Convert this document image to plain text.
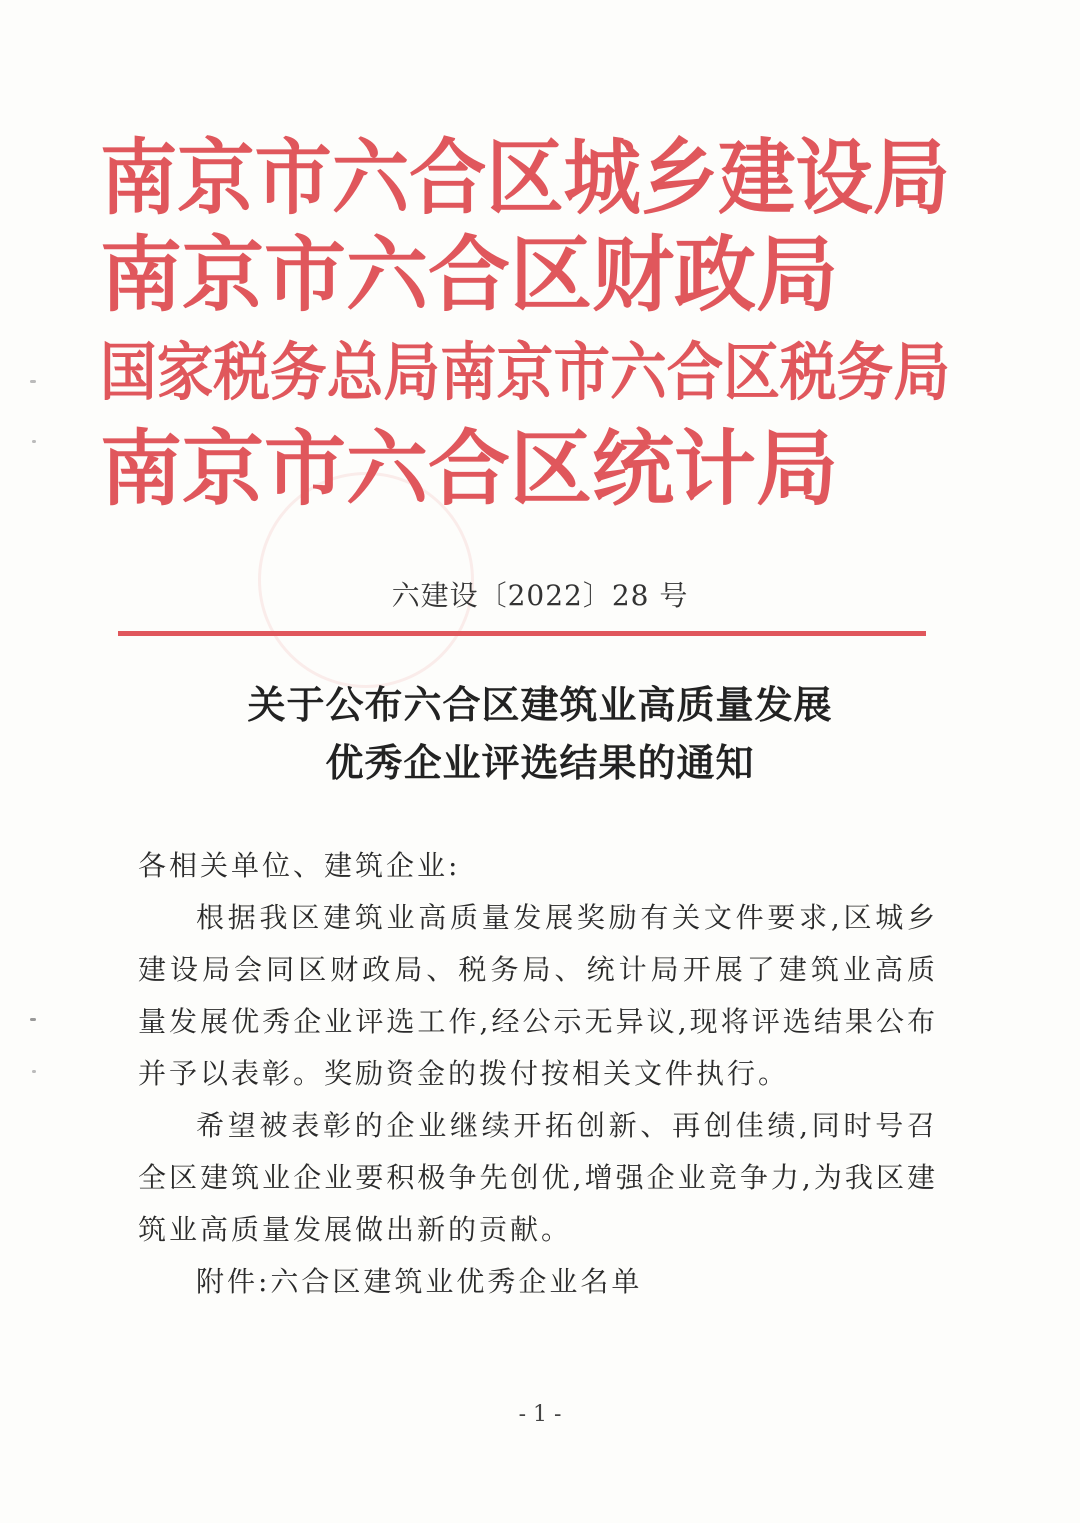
南京市六合区城乡建设局
南京市六合区财政局
国家税务总局南京市六合区税务局
南京市六合区统计局
六建设〔2022〕28 号
关于公布六合区建筑业高质量发展
优秀企业评选结果的通知
各相关单位、建筑企业:
根据我区建筑业高质量发展奖励有关文件要求,区城乡建设局会同区财政局、税务局、统计局开展了建筑业高质量发展优秀企业评选工作,经公示无异议,现将评选结果公布并予以表彰。奖励资金的拨付按相关文件执行。
希望被表彰的企业继续开拓创新、再创佳绩,同时号召全区建筑业企业要积极争先创优,增强企业竞争力,为我区建筑业高质量发展做出新的贡献。
附件:六合区建筑业优秀企业名单
- 1 -
